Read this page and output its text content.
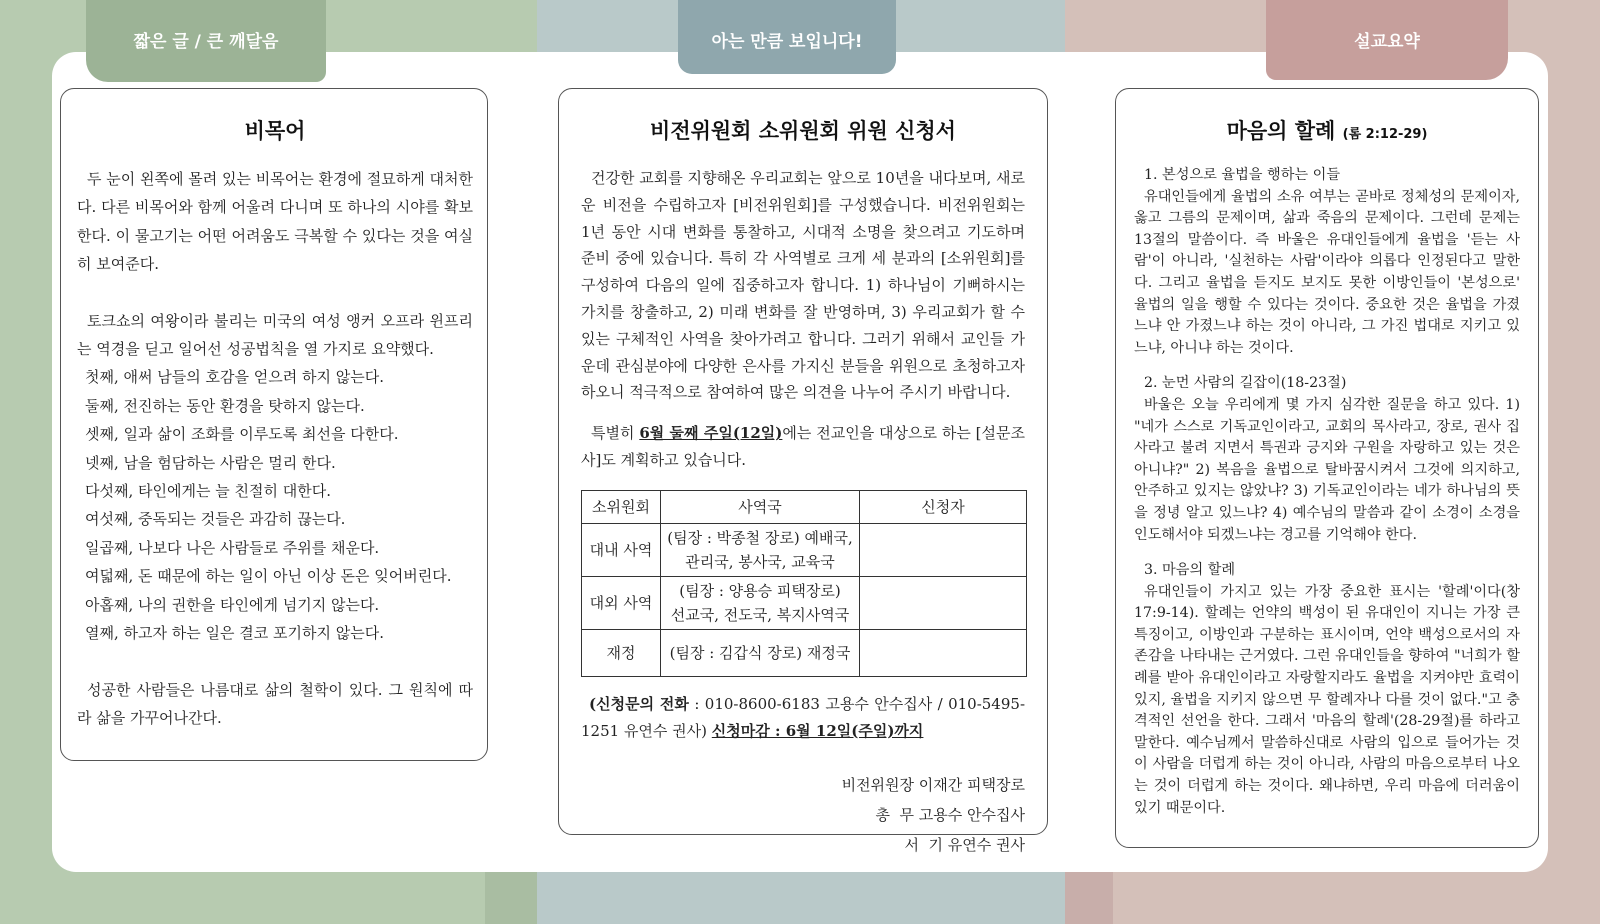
짧은 글 / 큰 깨달음	아는 만큼 보입니다!	설교요약
비목어

두 눈이 왼쪽에 몰려 있는 비목어는 환경에 절묘하게 대처한다. 다른 비목어와 함께 어울려 다니며 또 하나의 시야를 확보한다. 이 물고기는 어떤 어려움도 극복할 수 있다는 것을 여실히 보여준다.

토크쇼의 여왕이라 불리는 미국의 여성 앵커 오프라 윈프리는 역경을 딛고 일어선 성공법칙을 열 가지로 요약했다.

첫째, 애써 남들의 호감을 얻으려 하지 않는다.

둘째, 전진하는 동안 환경을 탓하지 않는다.

셋째, 일과 삶이 조화를 이루도록 최선을 다한다.

넷째, 남을 험담하는 사람은 멀리 한다.

다섯째, 타인에게는 늘 친절히 대한다.

여섯째, 중독되는 것들은 과감히 끊는다.

일곱째, 나보다 나은 사람들로 주위를 채운다.

여덟째, 돈 때문에 하는 일이 아닌 이상 돈은 잊어버린다.

아홉째, 나의 권한을 타인에게 넘기지 않는다.

열째, 하고자 하는 일은 결코 포기하지 않는다.

성공한 사람들은 나름대로 삶의 철학이 있다. 그 원칙에 따라 삶을 가꾸어나간다.

비전위원회 소위원회 위원 신청서

건강한 교회를 지향해온 우리교회는 앞으로 10년을 내다보며, 새로운 비전을 수립하고자 [비전위원회]를 구성했습니다. 비전위원회는 1년 동안 시대 변화를 통찰하고, 시대적 소명을 찾으려고 기도하며 준비 중에 있습니다. 특히 각 사역별로 크게 세 분과의 [소위원회]를 구성하여 다음의 일에 집중하고자 합니다. 1) 하나님이 기뻐하시는 가치를 창출하고, 2) 미래 변화를 잘 반영하며, 3) 우리교회가 할 수 있는 구체적인 사역을 찾아가려고 합니다. 그러기 위해서 교인들 가운데 관심분야에 다양한 은사를 가지신 분들을 위원으로 초청하고자 하오니 적극적으로 참여하여 많은 의견을 나누어 주시기 바랍니다.

특별히 6월 둘째 주일(12일)에는 전교인을 대상으로 하는 [설문조사]도 계획하고 있습니다.

소위원회	사역국	신청자
대내 사역	(팀장 : 박종철 장로) 예배국,
관리국, 봉사국, 교육국	
대외 사역	(팀장 : 양용승 피택장로)
선교국, 전도국, 복지사역국	
재정	(팀장 : 김갑식 장로) 재정국	

(신청문의 전화 : 010-8600-6183 고용수 안수집사 / 010-5495-1251 유연수 권사) 신청마감 : 6월 12일(주일)까지

비전위원장 이재간 피택장로
총  무 고용수 안수집사
서  기 유연수 권사
마음의 할례 (롬 2:12-29)

1. 본성으로 율법을 행하는 이들

유대인들에게 율법의 소유 여부는 곧바로 정체성의 문제이자, 옳고 그름의 문제이며, 삶과 죽음의 문제이다. 그런데 문제는 13절의 말씀이다. 즉 바울은 유대인들에게 율법을 '듣는 사람'이 아니라, '실천하는 사람'이라야 의롭다 인정된다고 말한다. 그리고 율법을 듣지도 보지도 못한 이방인들이 '본성으로' 율법의 일을 행할 수 있다는 것이다. 중요한 것은 율법을 가졌느냐 안 가졌느냐 하는 것이 아니라, 그 가진 법대로 지키고 있느냐, 아니냐 하는 것이다.

2. 눈먼 사람의 길잡이(18-23절)

바울은 오늘 우리에게 몇 가지 심각한 질문을 하고 있다. 1) "네가 스스로 기독교인이라고, 교회의 목사라고, 장로, 권사 집사라고 불려 지면서 특권과 긍지와 구원을 자랑하고 있는 것은 아니냐?" 2) 복음을 율법으로 탈바꿈시켜서 그것에 의지하고, 안주하고 있지는 않았냐? 3) 기독교인이라는 네가 하나님의 뜻을 정녕 알고 있느냐? 4) 예수님의 말씀과 같이 소경이 소경을 인도해서야 되겠느냐는 경고를 기억해야 한다.

3. 마음의 할례

유대인들이 가지고 있는 가장 중요한 표시는 '할례'이다(창 17:9-14). 할례는 언약의 백성이 된 유대인이 지니는 가장 큰 특징이고, 이방인과 구분하는 표시이며, 언약 백성으로서의 자존감을 나타내는 근거였다. 그런 유대인들을 향하여 "너희가 할례를 받아 유대인이라고 자랑할지라도 율법을 지켜야만 효력이 있지, 율법을 지키지 않으면 무 할례자나 다를 것이 없다."고 충격적인 선언을 한다. 그래서 '마음의 할례'(28-29절)를 하라고 말한다. 예수님께서 말씀하신대로 사람의 입으로 들어가는 것이 사람을 더럽게 하는 것이 아니라, 사람의 마음으로부터 나오는 것이 더럽게 하는 것이다. 왜냐하면, 우리 마음에 더러움이 있기 때문이다.
